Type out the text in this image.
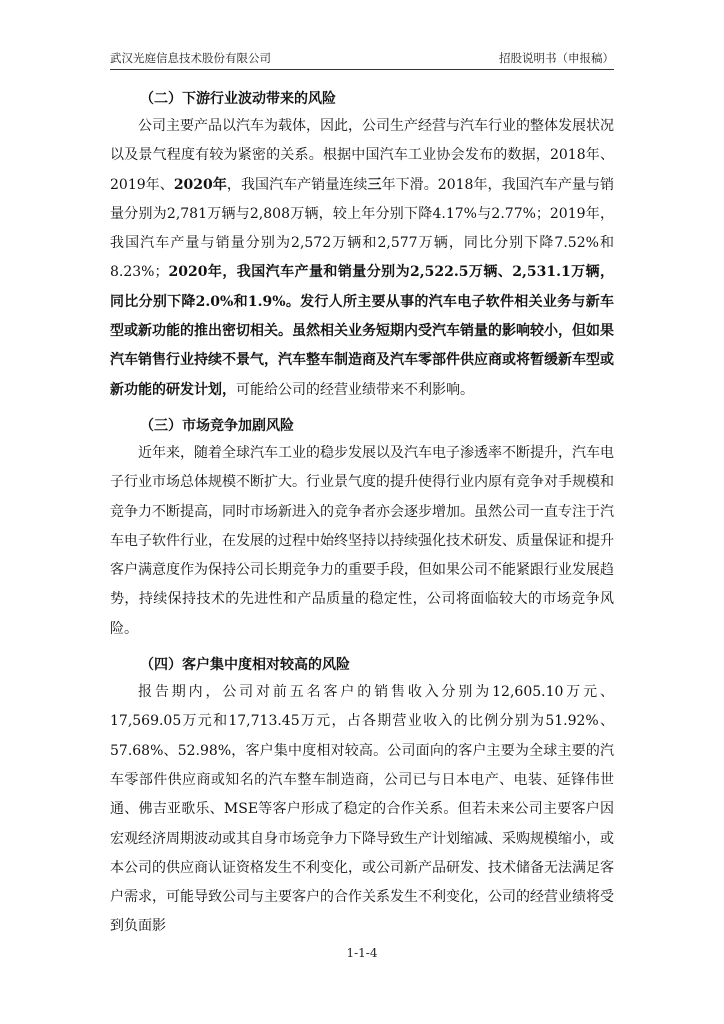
武汉光庭信息技术股份有限公司	招股说明书（申报稿）
（二）下游行业波动带来的风险

公司主要产品以汽车为载体，因此，公司生产经营与汽车行业的整体发展状况以及景气程度有较为紧密的关系。根据中国汽车工业协会发布的数据，2018年、2019年、2020年，我国汽车产销量连续三年下滑。2018年，我国汽车产量与销量分别为2,781万辆与2,808万辆，较上年分别下降4.17%与2.77%；2019年，我国汽车产量与销量分别为2,572万辆和2,577万辆，同比分别下降7.52%和8.23%；2020年，我国汽车产量和销量分别为2,522.5万辆、2,531.1万辆，同比分别下降2.0%和1.9%。发行人所主要从事的汽车电子软件相关业务与新车型或新功能的推出密切相关。虽然相关业务短期内受汽车销量的影响较小，但如果汽车销售行业持续不景气，汽车整车制造商及汽车零部件供应商或将暂缓新车型或新功能的研发计划，可能给公司的经营业绩带来不利影响。

（三）市场竞争加剧风险

近年来，随着全球汽车工业的稳步发展以及汽车电子渗透率不断提升，汽车电子行业市场总体规模不断扩大。行业景气度的提升使得行业内原有竞争对手规模和竞争力不断提高，同时市场新进入的竞争者亦会逐步增加。虽然公司一直专注于汽车电子软件行业，在发展的过程中始终坚持以持续强化技术研发、质量保证和提升客户满意度作为保持公司长期竞争力的重要手段，但如果公司不能紧跟行业发展趋势，持续保持技术的先进性和产品质量的稳定性，公司将面临较大的市场竞争风险。

（四）客户集中度相对较高的风险

报告期内，公司对前五名客户的销售收入分别为12,605.10万元、17,569.05万元和17,713.45万元，占各期营业收入的比例分别为51.92%、57.68%、52.98%，客户集中度相对较高。公司面向的客户主要为全球主要的汽车零部件供应商或知名的汽车整车制造商，公司已与日本电产、电装、延锋伟世通、佛吉亚歌乐、MSE等客户形成了稳定的合作关系。但若未来公司主要客户因宏观经济周期波动或其自身市场竞争力下降导致生产计划缩减、采购规模缩小，或本公司的供应商认证资格发生不利变化，或公司新产品研发、技术储备无法满足客户需求，可能导致公司与主要客户的合作关系发生不利变化，公司的经营业绩将受到负面影

1-1-4
